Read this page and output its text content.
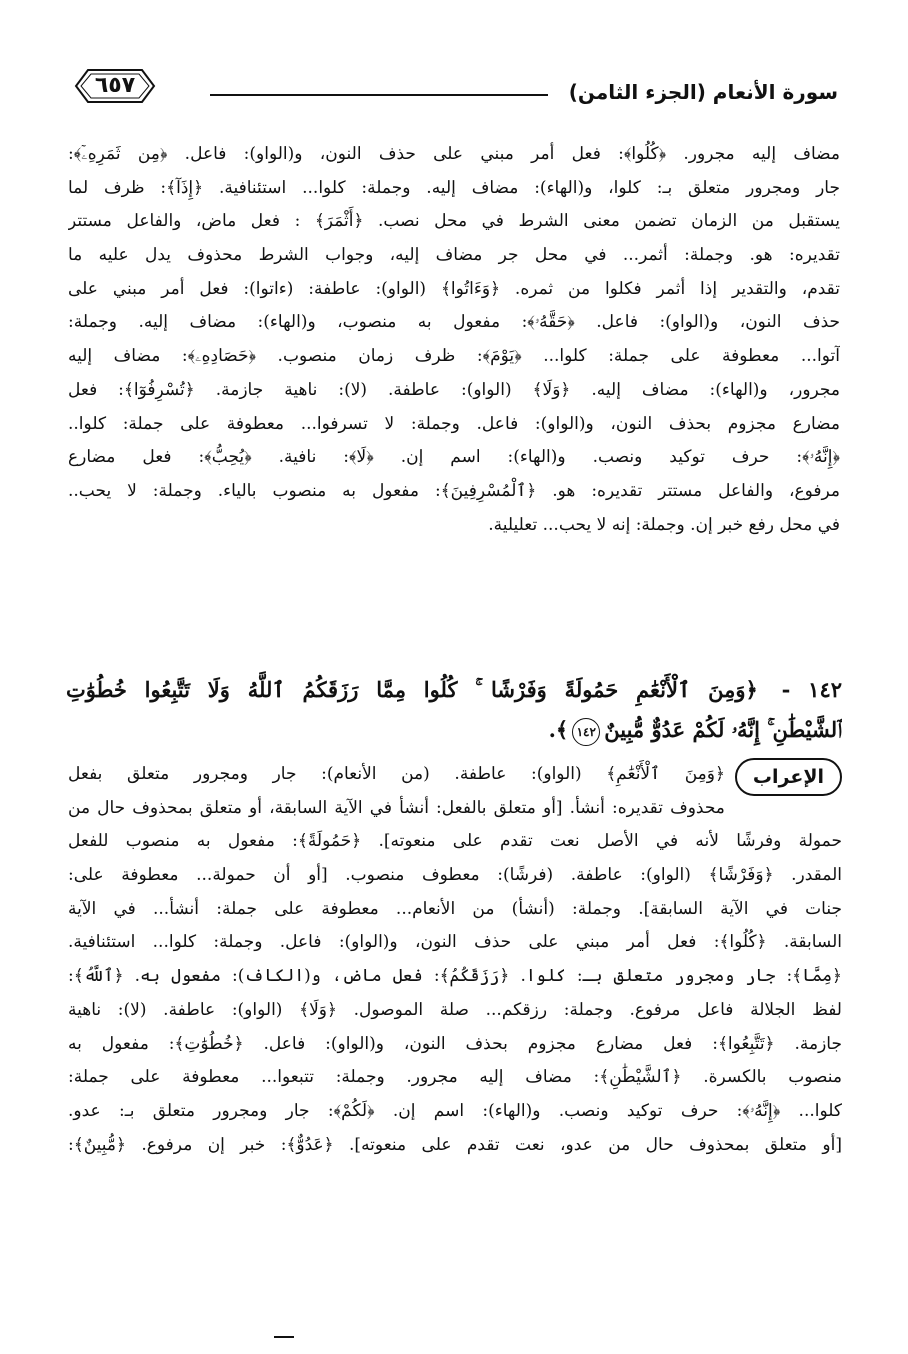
سورة الأنعام (الجزء الثامن)
٦٥٧
مضاف إليه مجرور. ﴿كُلُوا﴾: فعل أمر مبني على حذف النون، و(الواو): فاعل. ﴿مِن ثَمَرِهِۦٓ﴾:
جار ومجرور متعلق بـ: كلوا، و(الهاء): مضاف إليه. وجملة: كلوا... استئنافية. ﴿إِذَآ﴾: ظرف لما
يستقبل من الزمان تضمن معنى الشرط في محل نصب. ﴿أَثْمَرَ﴾ : فعل ماض، والفاعل مستتر
تقديره: هو. وجملة: أثمر... في محل جر مضاف إليه، وجواب الشرط محذوف يدل عليه ما
تقدم، والتقدير إذا أثمر فكلوا من ثمره. ﴿وَءَاتُوا﴾ (الواو): عاطفة: (ءاتوا): فعل أمر مبني على
حذف النون، و(الواو): فاعل. ﴿حَقَّهُۥ﴾: مفعول به منصوب، و(الهاء): مضاف إليه. وجملة:
آتوا... معطوفة على جملة: كلوا... ﴿يَوْمَ﴾: ظرف زمان منصوب. ﴿حَصَادِهِۦ﴾: مضاف إليه
مجرور، و(الهاء): مضاف إليه. ﴿وَلَا﴾ (الواو): عاطفة. (لا): ناهية جازمة. ﴿تُسْرِفُوٓا﴾: فعل
مضارع مجزوم بحذف النون، و(الواو): فاعل. وجملة: لا تسرفوا... معطوفة على جملة: كلوا..
﴿إِنَّهُۥ﴾: حرف توكيد ونصب. و(الهاء): اسم إن. ﴿لَا﴾: نافية. ﴿يُحِبُّ﴾: فعل مضارع
مرفوع، والفاعل مستتر تقديره: هو. ﴿ٱلْمُسْرِفِينَ﴾: مفعول به منصوب بالياء. وجملة: لا يحب..
في محل رفع خبر إن. وجملة: إنه لا يحب... تعليلية.
١٤٢ - ﴿وَمِنَ ٱلْأَنْعَٰمِ حَمُولَةً وَفَرْشًا ۚ كُلُوا مِمَّا رَزَقَكُمُ ٱللَّهُ وَلَا تَتَّبِعُوا خُطُوَٰتِ
ٱلشَّيْطَٰنِ ۚ إِنَّهُۥ لَكُمْ عَدُوٌّ مُّبِينٌ١٤٢﴾.
الإعراب
﴿وَمِنَ ٱلْأَنْعَٰمِ﴾ (الواو): عاطفة. (من الأنعام): جار ومجرور متعلق بفعل
محذوف تقديره: أنشأ. [أو متعلق بالفعل: أنشأ في الآية السابقة، أو متعلق بمحذوف حال من
حمولة وفرشًا لأنه في الأصل نعت تقدم على منعوته]. ﴿حَمُولَةً﴾: مفعول به منصوب للفعل
المقدر. ﴿وَفَرْشًا﴾ (الواو): عاطفة. (فرشًا): معطوف منصوب. [أو أن حمولة... معطوفة على:
جنات في الآية السابقة]. وجملة: (أنشأ) من الأنعام... معطوفة على جملة: أنشأ... في الآية
السابقة. ﴿كُلُوا﴾: فعل أمر مبني على حذف النون، و(الواو): فاعل. وجملة: كلوا... استئنافية.
﴿مِمَّا﴾: جار ومجرور متعلق بـ: كلوا. ﴿رَزَقَكُمُ﴾: فعل ماض، و(الكاف): مفعول به. ﴿ٱللَّهُ﴾:
لفظ الجلالة فاعل مرفوع. وجملة: رزقكم... صلة الموصول. ﴿وَلَا﴾ (الواو): عاطفة. (لا): ناهية
جازمة. ﴿تَتَّبِعُوا﴾: فعل مضارع مجزوم بحذف النون، و(الواو): فاعل. ﴿خُطُوَٰتِ﴾: مفعول به
منصوب بالكسرة. ﴿ٱلشَّيْطَٰنِ﴾: مضاف إليه مجرور. وجملة: تتبعوا... معطوفة على جملة:
كلوا... ﴿إِنَّهُۥ﴾: حرف توكيد ونصب. و(الهاء): اسم إن. ﴿لَكُمْ﴾: جار ومجرور متعلق بـ: عدو.
[أو متعلق بمحذوف حال من عدو، نعت تقدم على منعوته]. ﴿عَدُوٌّ﴾: خبر إن مرفوع. ﴿مُّبِينٌ﴾:
